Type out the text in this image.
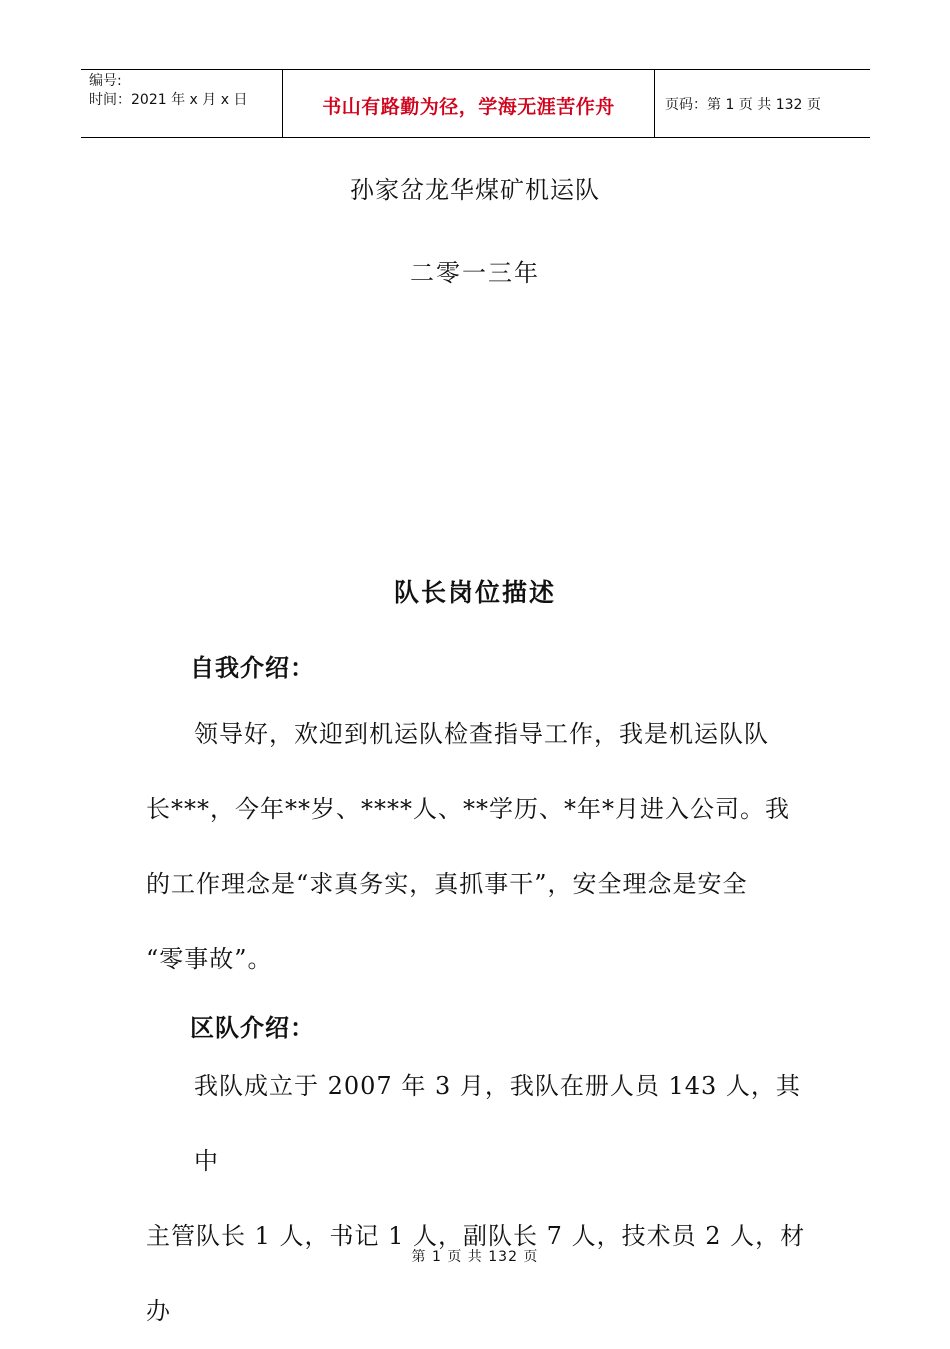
编号:
时间：2021 年 x 月 x 日	书山有路勤为径，学海无涯苦作舟	页码：第 1 页 共 132 页
孙家岔龙华煤矿机运队
二零一三年
队长岗位描述
自我介绍：
领导好，欢迎到机运队检查指导工作，我是机运队队
长***，今年**岁、****人、**学历、*年*月进入公司。我
的工作理念是“求真务实，真抓事干”，安全理念是安全
“零事故”。
区队介绍：
我队成立于 2007 年 3 月，我队在册人员 143 人，其中
主管队长 1 人，书记 1 人，副队长 7 人，技术员 2 人，材办
第 1 页 共 132 页
